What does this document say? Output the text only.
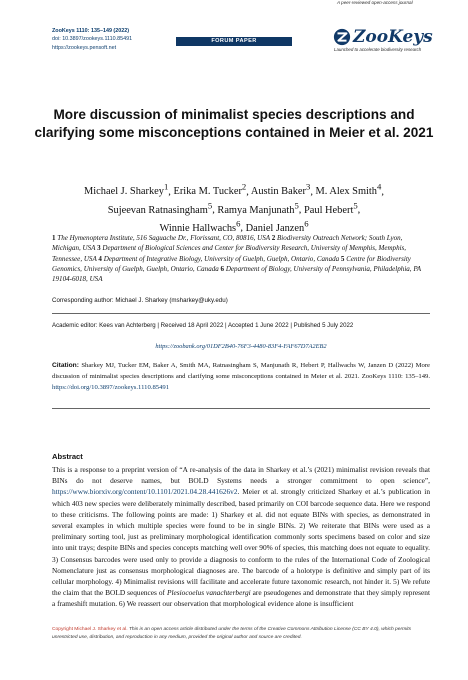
ZooKeys 1110: 135–149 (2022)
doi: 10.3897/zookeys.1110.85491
https://zookeys.pensoft.net
FORUM PAPER
A peer-reviewed open-access journal
ZooKeys
Launched to accelerate biodiversity research
More discussion of minimalist species descriptions and clarifying some misconceptions contained in Meier et al. 2021
Michael J. Sharkey$^1$, Erika M. Tucker$^2$, Austin Baker$^3$, M. Alex Smith$^4$,
Sujeevan Ratnasingham$^5$, Ramya Manjunath$^5$, Paul Hebert$^5$,
Winnie Hallwachs$^6$, Daniel Janzen$^6$
1 The Hymenoptera Institute, 516 Saguache Dr., Florissant, CO, 80816, USA 2 Biodiversity Outreach Network; South Lyon, Michigan, USA 3 Department of Biological Sciences and Center for Biodiversity Research, University of Memphis, Memphis, Tennessee, USA 4 Department of Integrative Biology, University of Guelph, Guelph, Ontario, Canada 5 Centre for Biodiversity Genomics, University of Guelph, Guelph, Ontario, Canada 6 Department of Biology, University of Pennsylvania, Philadelphia, PA 19104-6018, USA
Corresponding author: Michael J. Sharkey (msharkey@uky.edu)
Academic editor: Kees van Achterberg | Received 18 April 2022 | Accepted 1 June 2022 | Published 5 July 2022
https://zoobank.org/01DF2B40-76F3-4480-83F4-FAF67D7A2EB2
Citation: Sharkey MJ, Tucker EM, Baker A, Smith MA, Ratnasingham S, Manjunath R, Hebert P, Hallwachs W, Janzen D (2022) More discussion of minimalist species descriptions and clarifying some misconceptions contained in Meier et al. 2021. ZooKeys 1110: 135–149. https://doi.org/10.3897/zookeys.1110.85491
Abstract
This is a response to a preprint version of “A re-analysis of the data in Sharkey et al.’s (2021) minimalist revision reveals that BINs do not deserve names, but BOLD Systems needs a stronger commitment to open science”, https://www.biorxiv.org/content/10.1101/2021.04.28.441626v2. Meier et al. strongly criticized Sharkey et al.’s publication in which 403 new species were deliberately minimally described, based primarily on COI barcode sequence data. Here we respond to these criticisms. The following points are made: 1) Sharkey et al. did not equate BINs with species, as demonstrated in several examples in which multiple species were found to be in single BINs. 2) We reiterate that BINs were used as a preliminary sorting tool, just as preliminary morphological identification commonly sorts specimens based on color and size into unit trays; despite BINs and species concepts matching well over 90% of species, this matching does not equate to equality. 3) Consensus barcodes were used only to provide a diagnosis to conform to the rules of the International Code of Zoological Nomenclature just as consensus morphological diagnoses are. The barcode of a holotype is definitive and simply part of its cellular morphology. 4) Minimalist revisions will facilitate and accelerate future taxonomic research, not hinder it. 5) We refute the claim that the BOLD sequences of Plesiocoelus vanachterbergi are pseudogenes and demonstrate that they simply represent a frameshift mutation. 6) We reassert our observation that morphological evidence alone is insufficient
Copyright Michael J. Sharkey et al. This is an open access article distributed under the terms of the Creative Commons Attribution License (CC BY 4.0), which permits unrestricted use, distribution, and reproduction in any medium, provided the original author and source are credited.
